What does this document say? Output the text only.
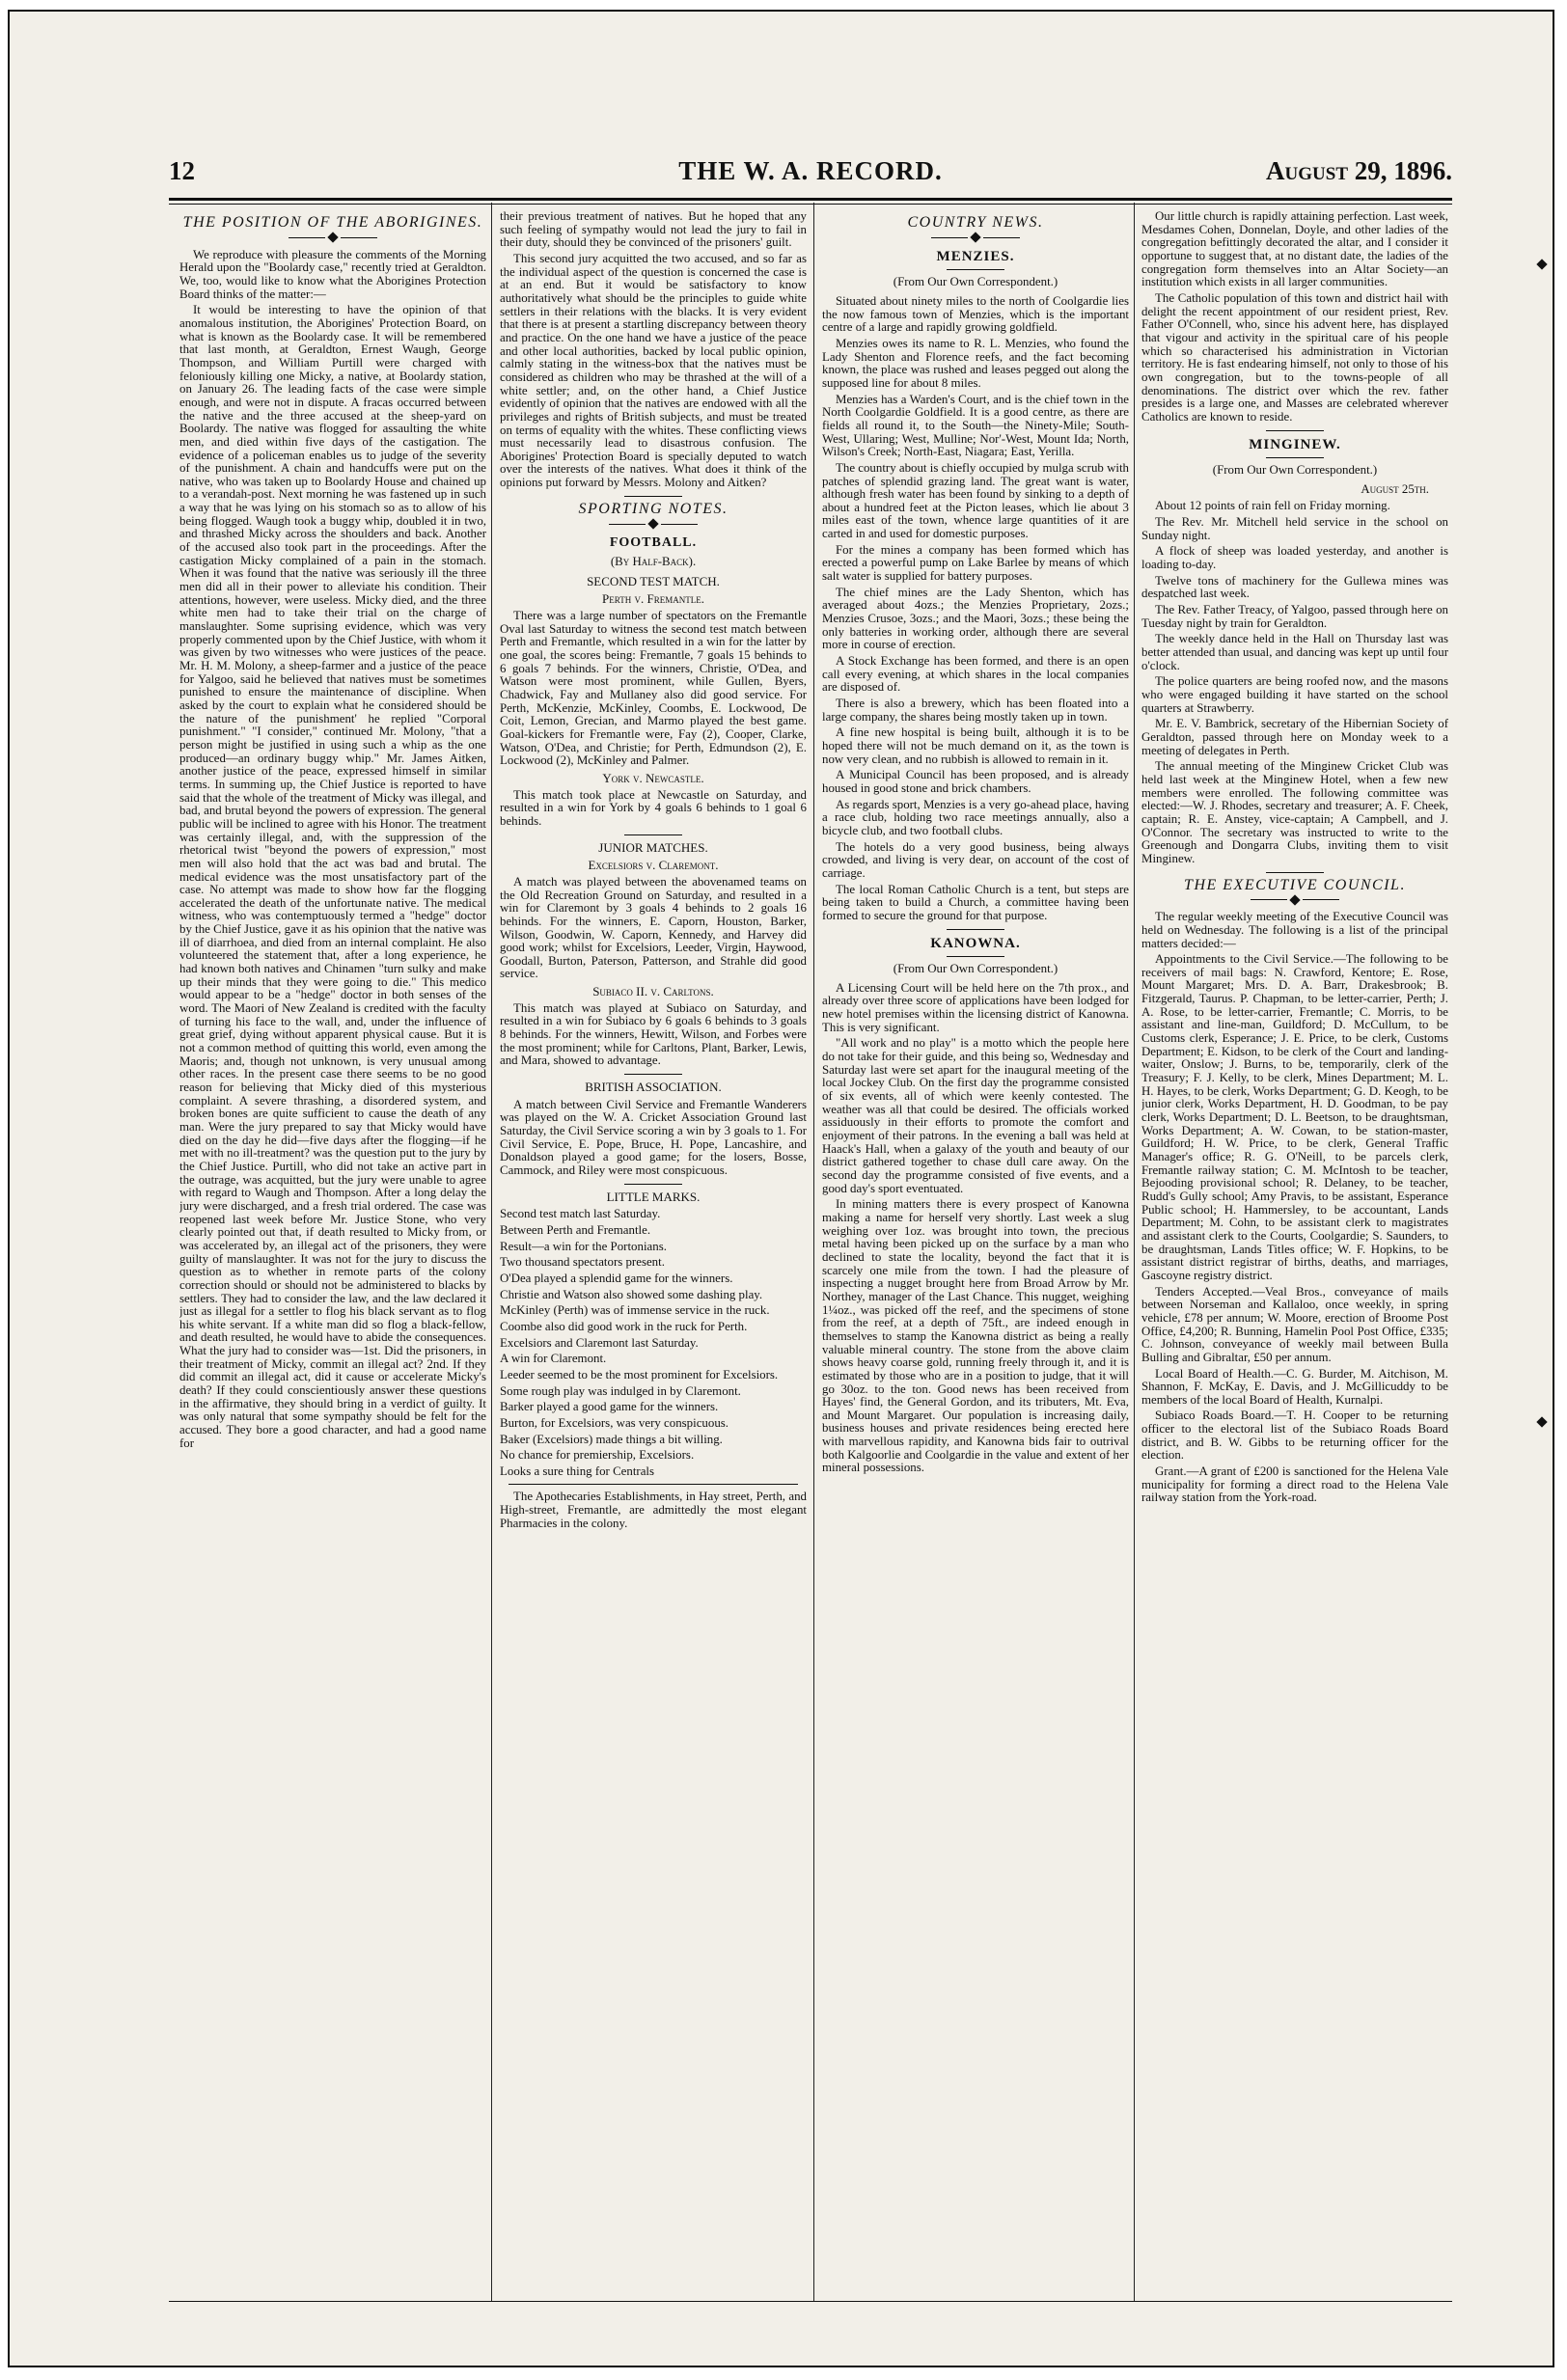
12	THE W. A. RECORD.	August 29, 1896.
THE POSITION OF THE ABORIGINES.

We reproduce with pleasure the comments of the Morning Herald upon the "Boolardy case," recently tried at Geraldton. We, too, would like to know what the Aborigines Protection Board thinks of the matter:—

It would be interesting to have the opinion of that anomalous institution, the Aborigines' Protection Board, on what is known as the Boolardy case. It will be remembered that last month, at Geraldton, Ernest Waugh, George Thompson, and William Purtill were charged with feloniously killing one Micky, a native, at Boolardy station, on January 26. The leading facts of the case were simple enough, and were not in dispute. A fracas occurred between the native and the three accused at the sheep-yard on Boolardy. The native was flogged for assaulting the white men, and died within five days of the castigation. The evidence of a policeman enables us to judge of the severity of the punishment. A chain and handcuffs were put on the native, who was taken up to Boolardy House and chained up to a verandah-post. Next morning he was fastened up in such a way that he was lying on his stomach so as to allow of his being flogged. Waugh took a buggy whip, doubled it in two, and thrashed Micky across the shoulders and back. Another of the accused also took part in the proceedings. After the castigation Micky complained of a pain in the stomach. When it was found that the native was seriously ill the three men did all in their power to alleviate his condition. Their attentions, however, were useless. Micky died, and the three white men had to take their trial on the charge of manslaughter. Some suprising evidence, which was very properly commented upon by the Chief Justice, with whom it was given by two witnesses who were justices of the peace. Mr. H. M. Molony, a sheep-farmer and a justice of the peace for Yalgoo, said he believed that natives must be sometimes punished to ensure the maintenance of discipline. When asked by the court to explain what he considered should be the nature of the punishment' he replied "Corporal punishment." "I consider," continued Mr. Molony, "that a person might be justified in using such a whip as the one produced—an ordinary buggy whip." Mr. James Aitken, another justice of the peace, expressed himself in similar terms. In summing up, the Chief Justice is reported to have said that the whole of the treatment of Micky was illegal, and bad, and brutal beyond the powers of expression. The general public will be inclined to agree with his Honor. The treatment was certainly illegal, and, with the suppression of the rhetorical twist "beyond the powers of expression," most men will also hold that the act was bad and brutal. The medical evidence was the most unsatisfactory part of the case. No attempt was made to show how far the flogging accelerated the death of the unfortunate native. The medical witness, who was contemptuously termed a "hedge" doctor by the Chief Justice, gave it as his opinion that the native was ill of diarrhoea, and died from an internal complaint. He also volunteered the statement that, after a long experience, he had known both natives and Chinamen "turn sulky and make up their minds that they were going to die." This medico would appear to be a "hedge" doctor in both senses of the word. The Maori of New Zealand is credited with the faculty of turning his face to the wall, and, under the influence of great grief, dying without apparent physical cause. But it is not a common method of quitting this world, even among the Maoris; and, though not unknown, is very unusual among other races. In the present case there seems to be no good reason for believing that Micky died of this mysterious complaint. A severe thrashing, a disordered system, and broken bones are quite sufficient to cause the death of any man. Were the jury prepared to say that Micky would have died on the day he did—five days after the flogging—if he met with no ill-treatment? was the question put to the jury by the Chief Justice. Purtill, who did not take an active part in the outrage, was acquitted, but the jury were unable to agree with regard to Waugh and Thompson. After a long delay the jury were discharged, and a fresh trial ordered. The case was reopened last week before Mr. Justice Stone, who very clearly pointed out that, if death resulted to Micky from, or was accelerated by, an illegal act of the prisoners, they were guilty of manslaughter. It was not for the jury to discuss the question as to whether in remote parts of the colony correction should or should not be administered to blacks by settlers. They had to consider the law, and the law declared it just as illegal for a settler to flog his black servant as to flog his white servant. If a white man did so flog a black-fellow, and death resulted, he would have to abide the consequences. What the jury had to consider was—1st. Did the prisoners, in their treatment of Micky, commit an illegal act? 2nd. If they did commit an illegal act, did it cause or accelerate Micky's death? If they could conscientiously answer these questions in the affirmative, they should bring in a verdict of guilty. It was only natural that some sympathy should be felt for the accused. They bore a good character, and had a good name for

their previous treatment of natives. But he hoped that any such feeling of sympathy would not lead the jury to fail in their duty, should they be convinced of the prisoners' guilt.

This second jury acquitted the two accused, and so far as the individual aspect of the question is concerned the case is at an end. But it would be satisfactory to know authoritatively what should be the principles to guide white settlers in their relations with the blacks. It is very evident that there is at present a startling discrepancy between theory and practice. On the one hand we have a justice of the peace and other local authorities, backed by local public opinion, calmly stating in the witness-box that the natives must be considered as children who may be thrashed at the will of a white settler; and, on the other hand, a Chief Justice evidently of opinion that the natives are endowed with all the privileges and rights of British subjects, and must be treated on terms of equality with the whites. These conflicting views must necessarily lead to disastrous confusion. The Aborigines' Protection Board is specially deputed to watch over the interests of the natives. What does it think of the opinions put forward by Messrs. Molony and Aitken?

SPORTING NOTES.
FOOTBALL.
(By Half-Back).
SECOND TEST MATCH.
Perth v. Fremantle.

There was a large number of spectators on the Fremantle Oval last Saturday to witness the second test match between Perth and Fremantle, which resulted in a win for the latter by one goal, the scores being: Fremantle, 7 goals 15 behinds to 6 goals 7 behinds. For the winners, Christie, O'Dea, and Watson were most prominent, while Gullen, Byers, Chadwick, Fay and Mullaney also did good service. For Perth, McKenzie, McKinley, Coombs, E. Lockwood, De Coit, Lemon, Grecian, and Marmo played the best game. Goal-kickers for Fremantle were, Fay (2), Cooper, Clarke, Watson, O'Dea, and Christie; for Perth, Edmundson (2), E. Lockwood (2), McKinley and Palmer.

York v. Newcastle.

This match took place at Newcastle on Saturday, and resulted in a win for York by 4 goals 6 behinds to 1 goal 6 behinds.

JUNIOR MATCHES.
Excelsiors v. Claremont.

A match was played between the abovenamed teams on the Old Recreation Ground on Saturday, and resulted in a win for Claremont by 3 goals 4 behinds to 2 goals 16 behinds. For the winners, E. Caporn, Houston, Barker, Wilson, Goodwin, W. Caporn, Kennedy, and Harvey did good work; whilst for Excelsiors, Leeder, Virgin, Haywood, Goodall, Burton, Paterson, Patterson, and Strahle did good service.

Subiaco II. v. Carltons.

This match was played at Subiaco on Saturday, and resulted in a win for Subiaco by 6 goals 6 behinds to 3 goals 8 behinds. For the winners, Hewitt, Wilson, and Forbes were the most prominent; while for Carltons, Plant, Barker, Lewis, and Mara, showed to advantage.

BRITISH ASSOCIATION.

A match between Civil Service and Fremantle Wanderers was played on the W. A. Cricket Association Ground last Saturday, the Civil Service scoring a win by 3 goals to 1. For Civil Service, E. Pope, Bruce, H. Pope, Lancashire, and Donaldson played a good game; for the losers, Bosse, Cammock, and Riley were most conspicuous.

LITTLE MARKS.

Second test match last Saturday.

Between Perth and Fremantle.

Result—a win for the Portonians.

Two thousand spectators present.

O'Dea played a splendid game for the winners.

Christie and Watson also showed some dashing play.

McKinley (Perth) was of immense service in the ruck.

Coombe also did good work in the ruck for Perth.

Excelsiors and Claremont last Saturday.

A win for Claremont.

Leeder seemed to be the most prominent for Excelsiors.

Some rough play was indulged in by Claremont.

Barker played a good game for the winners.

Burton, for Excelsiors, was very conspicuous.

Baker (Excelsiors) made things a bit willing.

No chance for premiership, Excelsiors.

Looks a sure thing for Centrals

The Apothecaries Establishments, in Hay street, Perth, and High-street, Fremantle, are admittedly the most elegant Pharmacies in the colony.

COUNTRY NEWS.
MENZIES.
(From Our Own Correspondent.)

Situated about ninety miles to the north of Coolgardie lies the now famous town of Menzies, which is the important centre of a large and rapidly growing goldfield.

Menzies owes its name to R. L. Menzies, who found the Lady Shenton and Florence reefs, and the fact becoming known, the place was rushed and leases pegged out along the supposed line for about 8 miles.

Menzies has a Warden's Court, and is the chief town in the North Coolgardie Goldfield. It is a good centre, as there are fields all round it, to the South—the Ninety-Mile; South-West, Ullaring; West, Mulline; Nor'-West, Mount Ida; North, Wilson's Creek; North-East, Niagara; East, Yerilla.

The country about is chiefly occupied by mulga scrub with patches of splendid grazing land. The great want is water, although fresh water has been found by sinking to a depth of about a hundred feet at the Picton leases, which lie about 3 miles east of the town, whence large quantities of it are carted in and used for domestic purposes.

For the mines a company has been formed which has erected a powerful pump on Lake Barlee by means of which salt water is supplied for battery purposes.

The chief mines are the Lady Shenton, which has averaged about 4ozs.; the Menzies Proprietary, 2ozs.; Menzies Crusoe, 3ozs.; and the Maori, 3ozs.; these being the only batteries in working order, although there are several more in course of erection.

A Stock Exchange has been formed, and there is an open call every evening, at which shares in the local companies are disposed of.

There is also a brewery, which has been floated into a large company, the shares being mostly taken up in town.

A fine new hospital is being built, although it is to be hoped there will not be much demand on it, as the town is now very clean, and no rubbish is allowed to remain in it.

A Municipal Council has been proposed, and is already housed in good stone and brick chambers.

As regards sport, Menzies is a very go-ahead place, having a race club, holding two race meetings annually, also a bicycle club, and two football clubs.

The hotels do a very good business, being always crowded, and living is very dear, on account of the cost of carriage.

The local Roman Catholic Church is a tent, but steps are being taken to build a Church, a committee having been formed to secure the ground for that purpose.

KANOWNA.
(From Our Own Correspondent.)

A Licensing Court will be held here on the 7th prox., and already over three score of applications have been lodged for new hotel premises within the licensing district of Kanowna. This is very significant.

"All work and no play" is a motto which the people here do not take for their guide, and this being so, Wednesday and Saturday last were set apart for the inaugural meeting of the local Jockey Club. On the first day the programme consisted of six events, all of which were keenly contested. The weather was all that could be desired. The officials worked assiduously in their efforts to promote the comfort and enjoyment of their patrons. In the evening a ball was held at Haack's Hall, when a galaxy of the youth and beauty of our district gathered together to chase dull care away. On the second day the programme consisted of five events, and a good day's sport eventuated.

In mining matters there is every prospect of Kanowna making a name for herself very shortly. Last week a slug weighing over 1oz. was brought into town, the precious metal having been picked up on the surface by a man who declined to state the locality, beyond the fact that it is scarcely one mile from the town. I had the pleasure of inspecting a nugget brought here from Broad Arrow by Mr. Northey, manager of the Last Chance. This nugget, weighing 1¼oz., was picked off the reef, and the specimens of stone from the reef, at a depth of 75ft., are indeed enough in themselves to stamp the Kanowna district as being a really valuable mineral country. The stone from the above claim shows heavy coarse gold, running freely through it, and it is estimated by those who are in a position to judge, that it will go 30oz. to the ton. Good news has been received from Hayes' find, the General Gordon, and its tributers, Mt. Eva, and Mount Margaret. Our population is increasing daily, business houses and private residences being erected here with marvellous rapidity, and Kanowna bids fair to outrival both Kalgoorlie and Coolgardie in the value and extent of her mineral possessions.

Our little church is rapidly attaining perfection. Last week, Mesdames Cohen, Donnelan, Doyle, and other ladies of the congregation befittingly decorated the altar, and I consider it opportune to suggest that, at no distant date, the ladies of the congregation form themselves into an Altar Society—an institution which exists in all larger communities.

The Catholic population of this town and district hail with delight the recent appointment of our resident priest, Rev. Father O'Connell, who, since his advent here, has displayed that vigour and activity in the spiritual care of his people which so characterised his administration in Victorian territory. He is fast endearing himself, not only to those of his own congregation, but to the towns-people of all denominations. The district over which the rev. father presides is a large one, and Masses are celebrated wherever Catholics are known to reside.

MINGINEW.
(From Our Own Correspondent.)
August 25th.

About 12 points of rain fell on Friday morning.

The Rev. Mr. Mitchell held service in the school on Sunday night.

A flock of sheep was loaded yesterday, and another is loading to-day.

Twelve tons of machinery for the Gullewa mines was despatched last week.

The Rev. Father Treacy, of Yalgoo, passed through here on Tuesday night by train for Geraldton.

The weekly dance held in the Hall on Thursday last was better attended than usual, and dancing was kept up until four o'clock.

The police quarters are being roofed now, and the masons who were engaged building it have started on the school quarters at Strawberry.

Mr. E. V. Bambrick, secretary of the Hibernian Society of Geraldton, passed through here on Monday week to a meeting of delegates in Perth.

The annual meeting of the Minginew Cricket Club was held last week at the Minginew Hotel, when a few new members were enrolled. The following committee was elected:—W. J. Rhodes, secretary and treasurer; A. F. Cheek, captain; R. E. Anstey, vice-captain; A Campbell, and J. O'Connor. The secretary was instructed to write to the Greenough and Dongarra Clubs, inviting them to visit Minginew.

THE EXECUTIVE COUNCIL.

The regular weekly meeting of the Executive Council was held on Wednesday. The following is a list of the principal matters decided:—

Appointments to the Civil Service.—The following to be receivers of mail bags: N. Crawford, Kentore; E. Rose, Mount Margaret; Mrs. D. A. Barr, Drakesbrook; B. Fitzgerald, Taurus. P. Chapman, to be letter-carrier, Perth; J. A. Rose, to be letter-carrier, Fremantle; C. Morris, to be assistant and line-man, Guildford; D. McCullum, to be Customs clerk, Esperance; J. E. Price, to be clerk, Customs Department; E. Kidson, to be clerk of the Court and landing-waiter, Onslow; J. Burns, to be, temporarily, clerk of the Treasury; F. J. Kelly, to be clerk, Mines Department; M. L. H. Hayes, to be clerk, Works Department; G. D. Keogh, to be junior clerk, Works Department, H. D. Goodman, to be pay clerk, Works Department; D. L. Beetson, to be draughtsman, Works Department; A. W. Cowan, to be station-master, Guildford; H. W. Price, to be clerk, General Traffic Manager's office; R. G. O'Neill, to be parcels clerk, Fremantle railway station; C. M. McIntosh to be teacher, Bejooding provisional school; R. Delaney, to be teacher, Rudd's Gully school; Amy Pravis, to be assistant, Esperance Public school; H. Hammersley, to be accountant, Lands Department; M. Cohn, to be assistant clerk to magistrates and assistant clerk to the Courts, Coolgardie; S. Saunders, to be draughtsman, Lands Titles office; W. F. Hopkins, to be assistant district registrar of births, deaths, and marriages, Gascoyne registry district.

Tenders Accepted.—Veal Bros., conveyance of mails between Norseman and Kallaloo, once weekly, in spring vehicle, £78 per annum; W. Moore, erection of Broome Post Office, £4,200; R. Bunning, Hamelin Pool Post Office, £335; C. Johnson, conveyance of weekly mail between Bulla Bulling and Gibraltar, £50 per annum.

Local Board of Health.—C. G. Burder, M. Aitchison, M. Shannon, F. McKay, E. Davis, and J. McGillicuddy to be members of the local Board of Health, Kurnalpi.

Subiaco Roads Board.—T. H. Cooper to be returning officer to the electoral list of the Subiaco Roads Board district, and B. W. Gibbs to be returning officer for the election.

Grant.—A grant of £200 is sanctioned for the Helena Vale municipality for forming a direct road to the Helena Vale railway station from the York-road.
